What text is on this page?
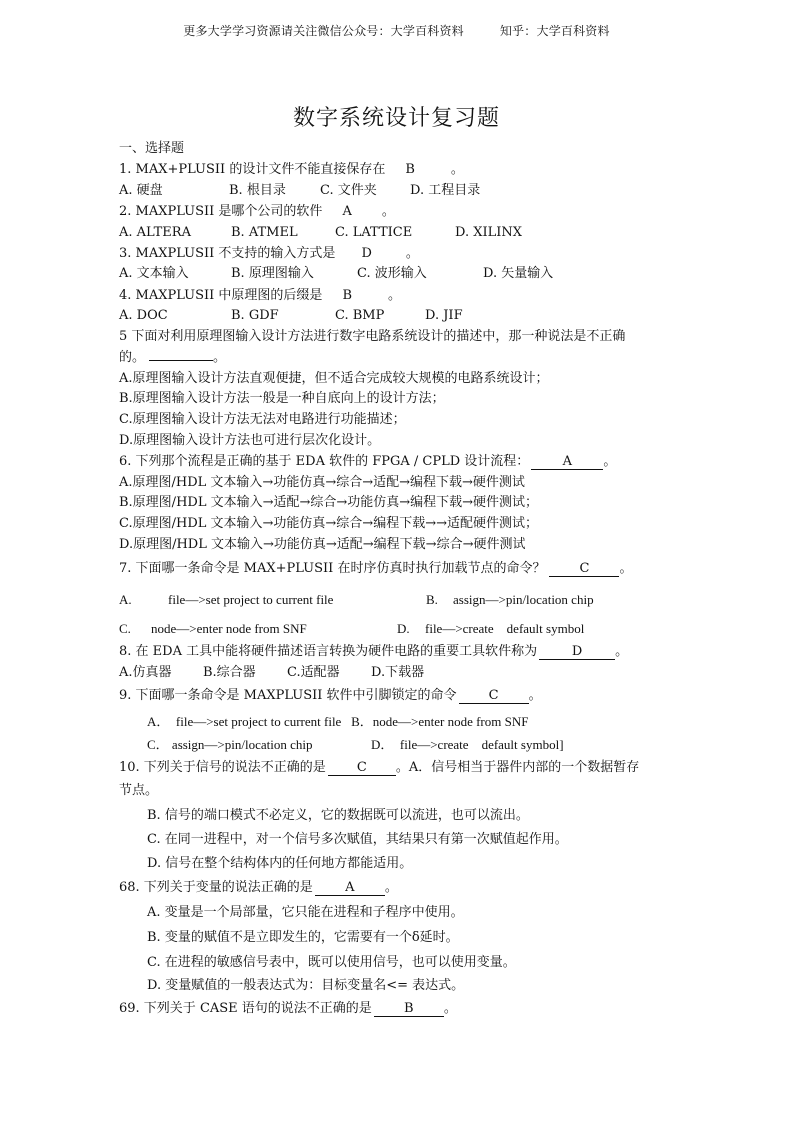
更多大学学习资源请关注微信公众号：大学百科资料	知乎：大学百科资料
数字系统设计复习题
一、选择题
1. MAX+PLUSII 的设计文件不能直接保存在 B	。
A. 硬盘	B. 根目录	C. 文件夹	D. 工程目录
2. MAXPLUSII 是哪个公司的软件 A 。
A. ALTERA	B. ATMEL	C. LATTICE	D. XILINX
3. MAXPLUSII 不支持的输入方式是 D	。
A. 文本输入	B. 原理图输入	C. 波形输入	D. 矢量输入
4. MAXPLUSII 中原理图的后缀是 B	。
A. DOC	B. GDF	C. BMP	D. JIF
5 下面对利用原理图输入设计方法进行数字电路系统设计的描述中，那一种说法是不正确
的。	。
A.原理图输入设计方法直观便捷，但不适合完成较大规模的电路系统设计；
B.原理图输入设计方法一般是一种自底向上的设计方法；
C.原理图输入设计方法无法对电路进行功能描述；
D.原理图输入设计方法也可进行层次化设计。
6. 下列那个流程是正确的基于 EDA 软件的 FPGA / CPLD 设计流程：	A 。
A.原理图/HDL 文本输入→功能仿真→综合→适配→编程下载→硬件测试
B.原理图/HDL 文本输入→适配→综合→功能仿真→编程下载→硬件测试；
C.原理图/HDL 文本输入→功能仿真→综合→编程下载→→适配硬件测试；
D.原理图/HDL 文本输入→功能仿真→适配→编程下载→综合→硬件测试
7. 下面哪一条命令是 MAX+PLUSII 在时序仿真时执行加载节点的命令？	C 。
A.	file—>set project to current file	B. assign—>pin/location chip
C. node—>enter node from SNF	D. file—>create    default symbol
8. 在 EDA 工具中能将硬件描述语言转换为硬件电路的重要工具软件称为	D	。
A.仿真器 B.综合器 C.适配器 D.下载器
9. 下面哪一条命令是 MAXPLUSII 软件中引脚锁定的命令 C 。
A．  file—>set project to current file   B．node—>enter node from SNF
C． assign—>pin/location chip	D．  file—>create    default symbol]
10. 下列关于信号的说法不正确的是 C 。A．信号相当于器件内部的一个数据暂存
节点。
B. 信号的端口模式不必定义，它的数据既可以流进，也可以流出。
C. 在同一进程中，对一个信号多次赋值，其结果只有第一次赋值起作用。
D. 信号在整个结构体内的任何地方都能适用。
68. 下列关于变量的说法正确的是 A 。
A. 变量是一个局部量，它只能在进程和子程序中使用。
B. 变量的赋值不是立即发生的，它需要有一个δ延时。
C. 在进程的敏感信号表中，既可以使用信号，也可以使用变量。
D. 变量赋值的一般表达式为：目标变量名<= 表达式。
69. 下列关于 CASE 语句的说法不正确的是 B 。
